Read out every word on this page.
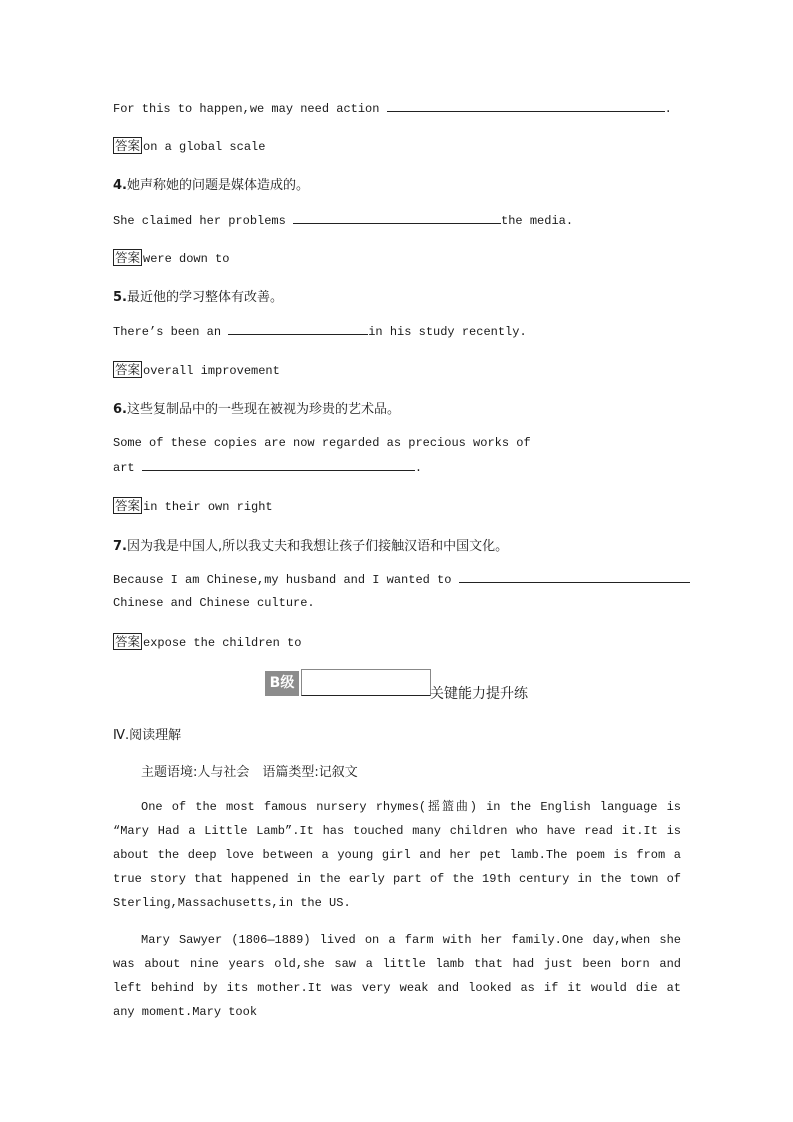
For this to happen,we may need action	.
答案 on a global scale
4.她声称她的问题是媒体造成的。
She claimed her problems	the media.
答案 were down to
5.最近他的学习整体有改善。
There’s been an	in his study recently.
答案 overall improvement
6.这些复制品中的一些现在被视为珍贵的艺术品。
Some of these copies are now regarded as precious works of
art	.
答案 in their own right
7.因为我是中国人,所以我丈夫和我想让孩子们接触汉语和中国文化。
Because I am Chinese,my husband and I wanted to
Chinese and Chinese culture.
答案 expose the children to
B级
关键能力提升练
Ⅳ.阅读理解
主题语境:人与社会　语篇类型:记叙文
One of the most famous nursery rhymes(摇篮曲) in the English language is “Mary Had a Little Lamb”.It has touched many children who have read it.It is about the deep love between a young girl and her pet lamb.The poem is from a true story that happened in the early part of the 19th century in the town of Sterling,Massachusetts,in the US.
Mary Sawyer (1806—1889) lived on a farm with her family.One day,when she was about nine years old,she saw a little lamb that had just been born and left behind by its mother.It was very weak and looked as if it would die at any moment.Mary took
